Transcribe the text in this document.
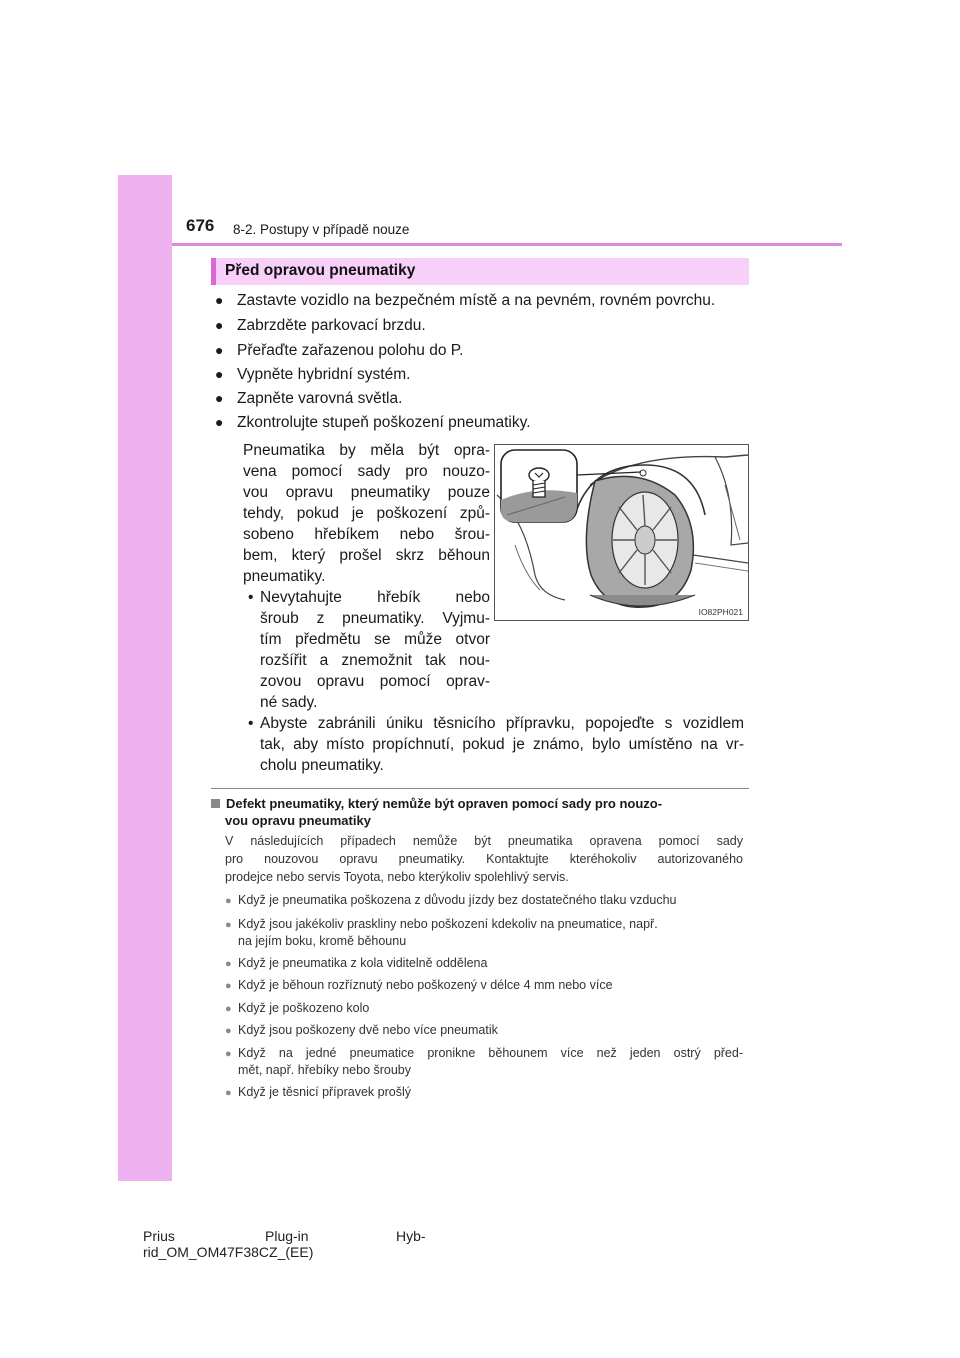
676 8-2. Postupy v případě nouze
Před opravou pneumatiky
● Zastavte vozidlo na bezpečném místě a na pevném, rovném povrchu.
● Zabrzděte parkovací brzdu.
● Přeřaďte zařazenou polohu do P.
● Vypněte hybridní systém.
● Zapněte varovná světla.
● Zkontrolujte stupeň poškození pneumatiky.
Pneumatika by měla být opra-
vena pomocí sady pro nouzo-
vou opravu pneumatiky pouze
tehdy, pokud je poškození způ-
sobeno hřebíkem nebo šrou-
bem, který prošel skrz běhoun
pneumatiky.
• Nevytahujte hřebík nebo
šroub z pneumatiky. Vyjmu-
tím předmětu se může otvor
rozšířit a znemožnit tak nou-
zovou opravu pomocí oprav-
né sady.
• Abyste zabránili úniku těsnicího přípravku, popojeďte s vozidlem
tak, aby místo propíchnutí, pokud je známo, bylo umístěno na vr-
cholu pneumatiky.
IO82PH021
Defekt pneumatiky, který nemůže být opraven pomocí sady pro nouzo-
vou opravu pneumatiky
V následujících případech nemůže být pneumatika opravena pomocí sady
pro nouzovou opravu pneumatiky. Kontaktujte kteréhokoliv autorizovaného
prodejce nebo servis Toyota, nebo kterýkoliv spolehlivý servis.
● Když je pneumatika poškozena z důvodu jízdy bez dostatečného tlaku vzduchu
● Když jsou jakékoliv praskliny nebo poškození kdekoliv na pneumatice, např.
na jejím boku, kromě běhounu
● Když je pneumatika z kola viditelně oddělena
● Když je běhoun rozříznutý nebo poškozený v délce 4 mm nebo více
● Když je poškozeno kolo
● Když jsou poškozeny dvě nebo více pneumatik
● Když na jedné pneumatice pronikne běhounem více než jeden ostrý před-
mět, např. hřebíky nebo šrouby
● Když je těsnicí přípravek prošlý
Prius	Plug-in	Hyb-
rid_OM_OM47F38CZ_(EE)
